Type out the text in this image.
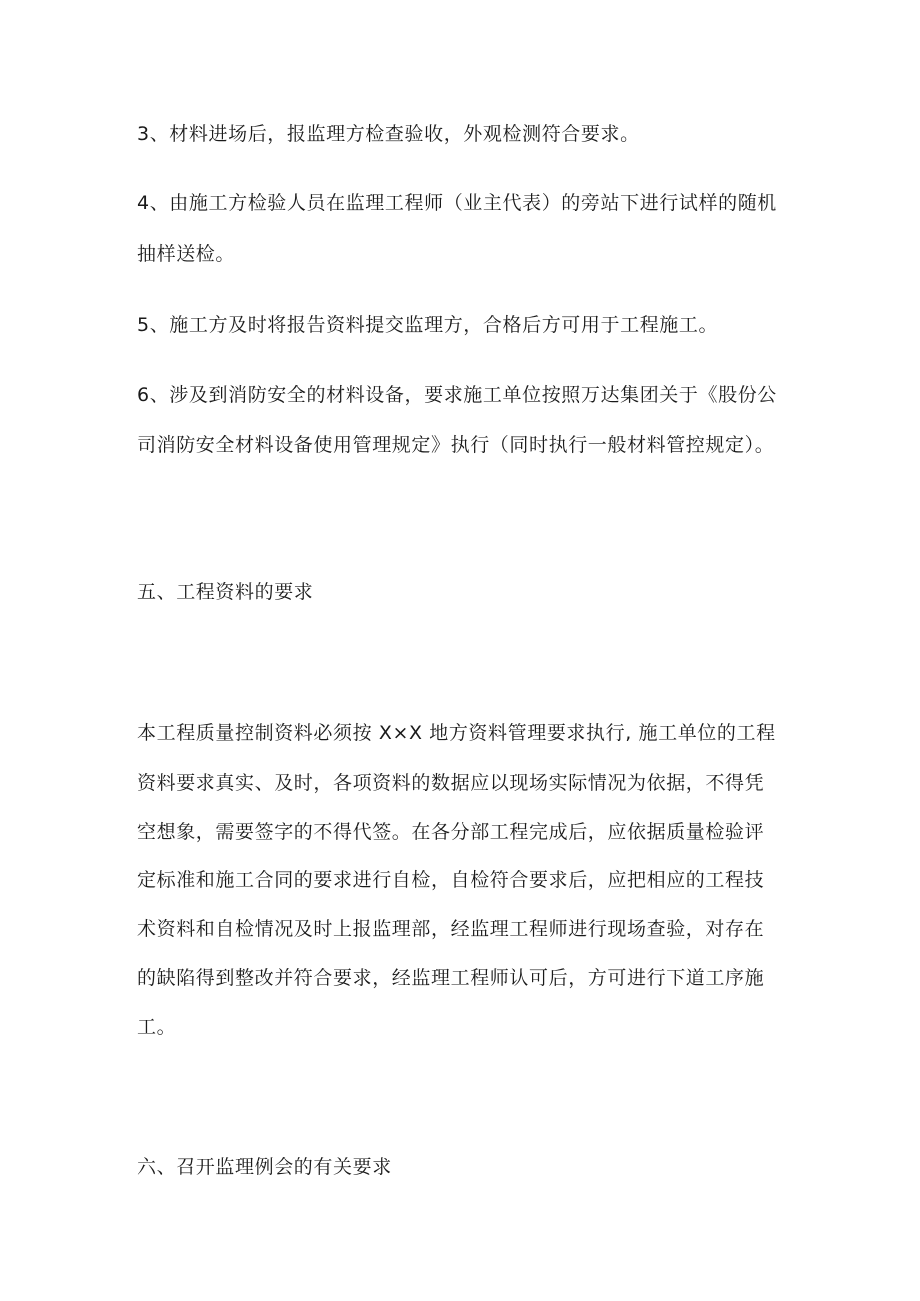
3、材料进场后，报监理方检查验收，外观检测符合要求。
4、由施工方检验人员在监理工程师（业主代表）的旁站下进行试样的随机
抽样送检。
5、施工方及时将报告资料提交监理方，合格后方可用于工程施工。
6、涉及到消防安全的材料设备，要求施工单位按照万达集团关于《股份公
司消防安全材料设备使用管理规定》执行（同时执行一般材料管控规定）。
五、工程资料的要求
本工程质量控制资料必须按 X×X 地方资料管理要求执行, 施工单位的工程
资料要求真实、及时，各项资料的数据应以现场实际情况为依据，不得凭
空想象，需要签字的不得代签。在各分部工程完成后，应依据质量检验评
定标准和施工合同的要求进行自检，自检符合要求后，应把相应的工程技
术资料和自检情况及时上报监理部，经监理工程师进行现场查验，对存在
的缺陷得到整改并符合要求，经监理工程师认可后，方可进行下道工序施
工。
六、召开监理例会的有关要求
